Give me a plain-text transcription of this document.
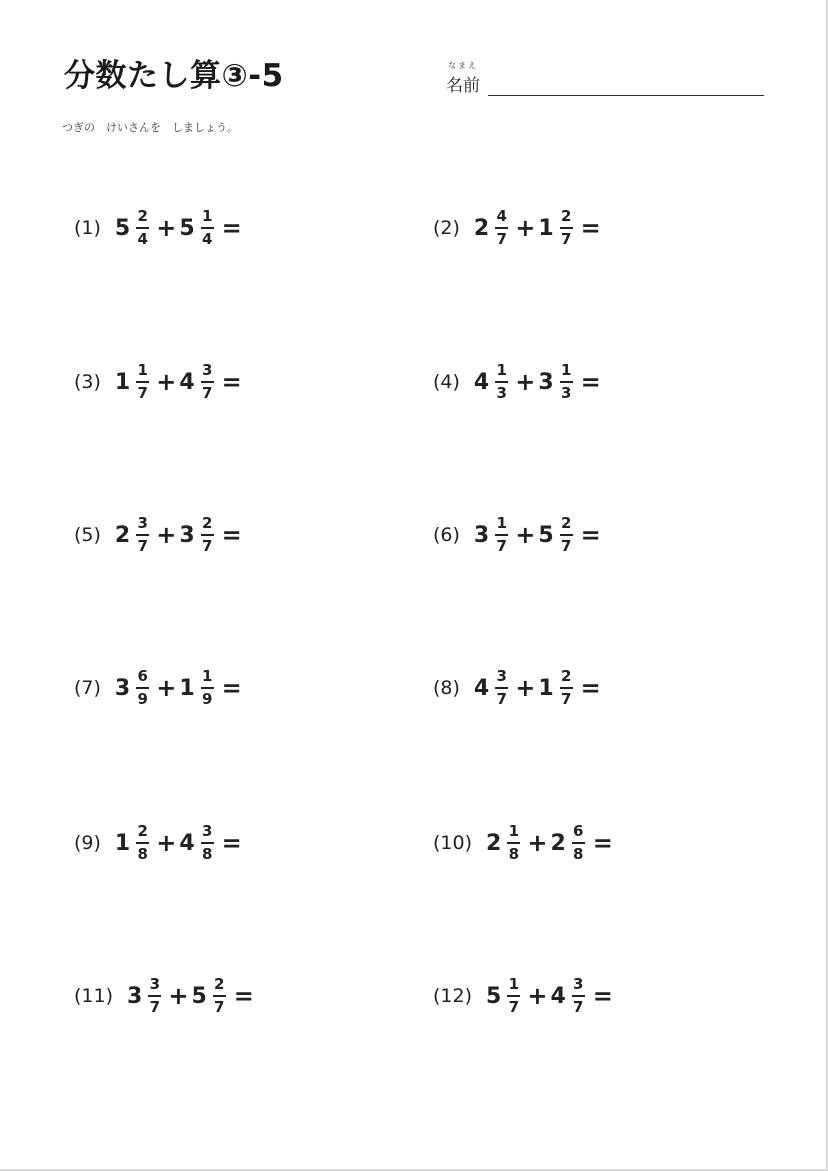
分数たし算③-5	なまえ
名前
つぎの　けいさんを　しましょう。
(1) $5 \frac{2}{4} + 5 \frac{1}{4}$ =	(2) $2 \frac{4}{7} + 1 \frac{2}{7}$ =
(3) $1 \frac{1}{7} + 4 \frac{3}{7}$ =	(4) $4 \frac{1}{3} + 3 \frac{1}{3}$ =
(5) $2 \frac{3}{7} + 3 \frac{2}{7}$ =	(6) $3 \frac{1}{7} + 5 \frac{2}{7}$ =
(7) $3 \frac{6}{9} + 1 \frac{1}{9}$ =	(8) $4 \frac{3}{7} + 1 \frac{2}{7}$ =
(9) $1 \frac{2}{8} + 4 \frac{3}{8}$ =	(10) $2 \frac{1}{8} + 2 \frac{6}{8}$ =
(11) $3 \frac{3}{7} + 5 \frac{2}{7}$ =	(12) $5 \frac{1}{7} + 4 \frac{3}{7}$ =
